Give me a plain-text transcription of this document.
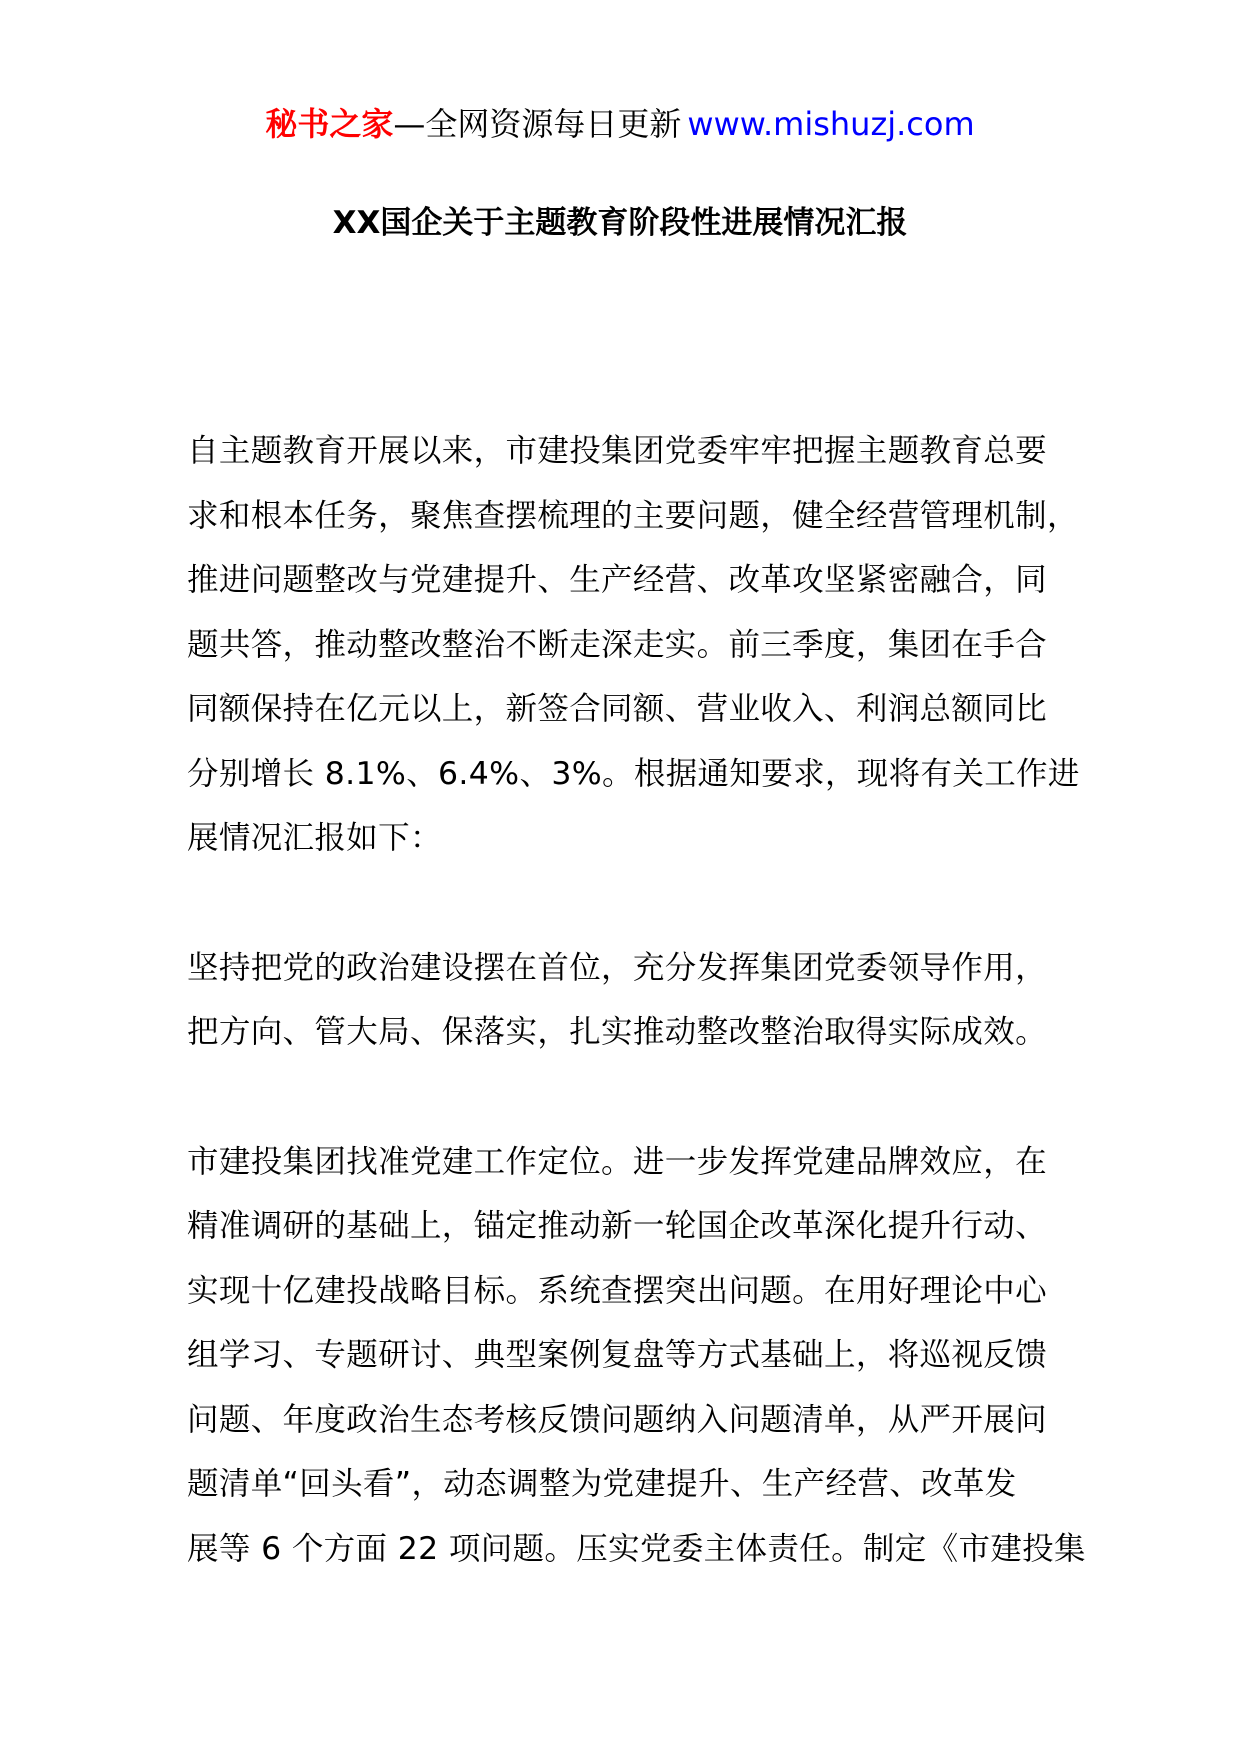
秘书之家—全网资源每日更新 www.mishuzj.com
XX国企关于主题教育阶段性进展情况汇报

自主题教育开展以来，市建投集团党委牢牢把握主题教育总要
求和根本任务，聚焦查摆梳理的主要问题，健全经营管理机制，
推进问题整改与党建提升、生产经营、改革攻坚紧密融合，同
题共答，推动整改整治不断走深走实。前三季度，集团在手合
同额保持在亿元以上，新签合同额、营业收入、利润总额同比
分别增长 8.1%、6.4%、3%。根据通知要求，现将有关工作进
展情况汇报如下：

坚持把党的政治建设摆在首位，充分发挥集团党委领导作用，
把方向、管大局、保落实，扎实推动整改整治取得实际成效。

市建投集团找准党建工作定位。进一步发挥党建品牌效应，在
精准调研的基础上，锚定推动新一轮国企改革深化提升行动、
实现十亿建投战略目标。系统查摆突出问题。在用好理论中心
组学习、专题研讨、典型案例复盘等方式基础上，将巡视反馈
问题、年度政治生态考核反馈问题纳入问题清单，从严开展问
题清单“回头看”，动态调整为党建提升、生产经营、改革发
展等 6 个方面 22 项问题。压实党委主体责任。制定《市建投集
